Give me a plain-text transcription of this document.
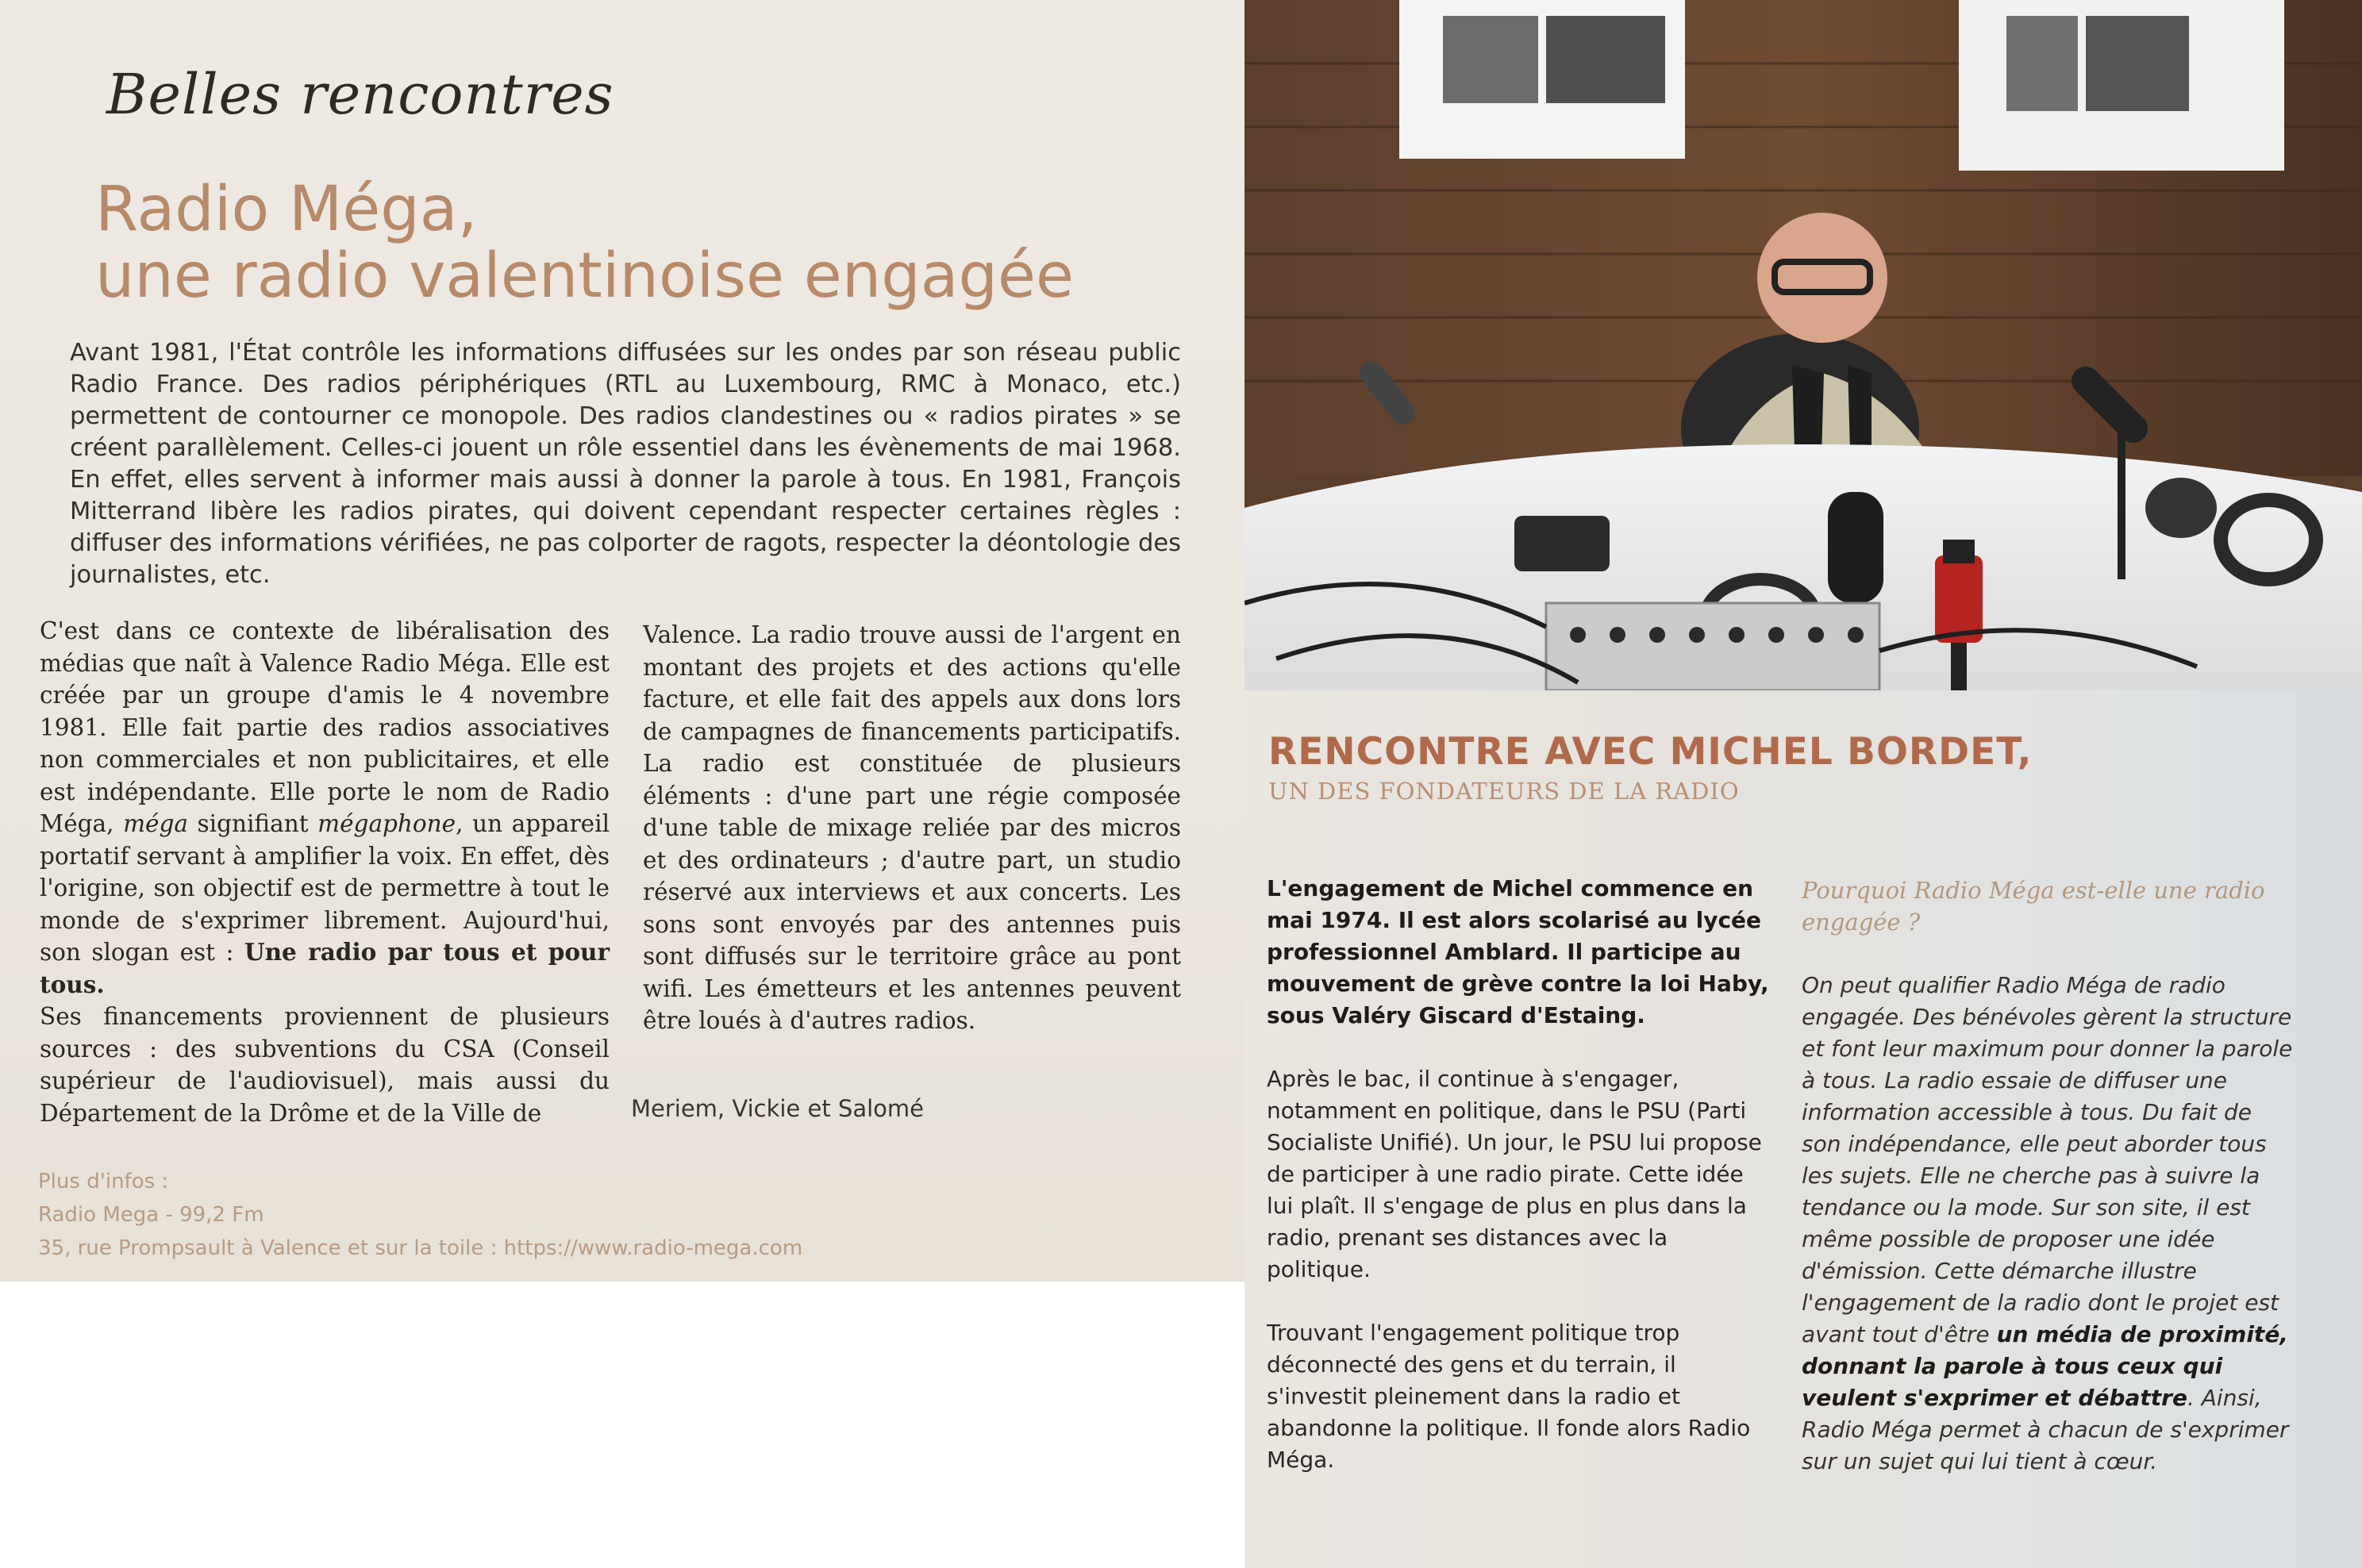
Belles rencontres
Radio Méga,
une radio valentinoise engagée
Avant 1981, l'État contrôle les informations diffusées sur les ondes par son réseau public Radio France. Des radios périphériques (RTL au Luxembourg, RMC à Monaco, etc.) permettent de contourner ce monopole. Des radios clandestines ou « radios pirates » se créent parallèlement. Celles-ci jouent un rôle essentiel dans les évènements de mai 1968. En effet, elles servent à informer mais aussi à donner la parole à tous. En 1981, François Mitterrand libère les radios pirates, qui doivent cependant respecter certaines règles : diffuser des informations vérifiées, ne pas colporter de ragots, respecter la déontologie des journalistes, etc.

C'est dans ce contexte de libéralisation des médias que naît à Valence Radio Méga. Elle est créée par un groupe d'amis le 4 novembre 1981. Elle fait partie des radios associatives non commerciales et non publicitaires, et elle est indépendante. Elle porte le nom de Radio Méga, méga signifiant mégaphone, un appareil portatif servant à amplifier la voix. En effet, dès l'origine, son objectif est de permettre à tout le monde de s'exprimer librement. Aujourd'hui, son slogan est : Une radio par tous et pour tous.

Ses financements proviennent de plusieurs sources : des subventions du CSA (Conseil supérieur de l'audiovisuel), mais aussi du Département de la Drôme et de la Ville de

Valence. La radio trouve aussi de l'argent en montant des projets et des actions qu'elle facture, et elle fait des appels aux dons lors de campagnes de financements participatifs. La radio est constituée de plusieurs éléments : d'une part une régie composée d'une table de mixage reliée par des micros et des ordinateurs ; d'autre part, un studio réservé aux interviews et aux concerts. Les sons sont envoyés par des antennes puis sont diffusés sur le territoire grâce au pont wifi. Les émetteurs et les antennes peuvent être loués à d'autres radios.

Meriem, Vickie et Salomé
Plus d'infos :
Radio Mega - 99,2 Fm
35, rue Prompsault à Valence et sur la toile : https://www.radio-mega.com
RENCONTRE AVEC MICHEL BORDET,
UN DES FONDATEURS DE LA RADIO

L'engagement de Michel commence en mai 1974. Il est alors scolarisé au lycée professionnel Amblard. Il participe au mouvement de grève contre la loi Haby, sous Valéry Giscard d'Estaing.

Après le bac, il continue à s'engager, notamment en politique, dans le PSU (Parti Socialiste Unifié). Un jour, le PSU lui propose de participer à une radio pirate. Cette idée lui plaît. Il s'engage de plus en plus dans la radio, prenant ses distances avec la politique.

Trouvant l'engagement politique trop déconnecté des gens et du terrain, il s'investit pleinement dans la radio et abandonne la politique. Il fonde alors Radio Méga.

Pourquoi Radio Méga est-elle une radio engagée ?

On peut qualifier Radio Méga de radio engagée. Des bénévoles gèrent la structure et font leur maximum pour donner la parole à tous. La radio essaie de diffuser une information accessible à tous. Du fait de son indépendance, elle peut aborder tous les sujets. Elle ne cherche pas à suivre la tendance ou la mode. Sur son site, il est même possible de proposer une idée d'émission. Cette démarche illustre l'engagement de la radio dont le projet est avant tout d'être un média de proximité, donnant la parole à tous ceux qui veulent s'exprimer et débattre. Ainsi, Radio Méga permet à chacun de s'exprimer sur un sujet qui lui tient à cœur.
